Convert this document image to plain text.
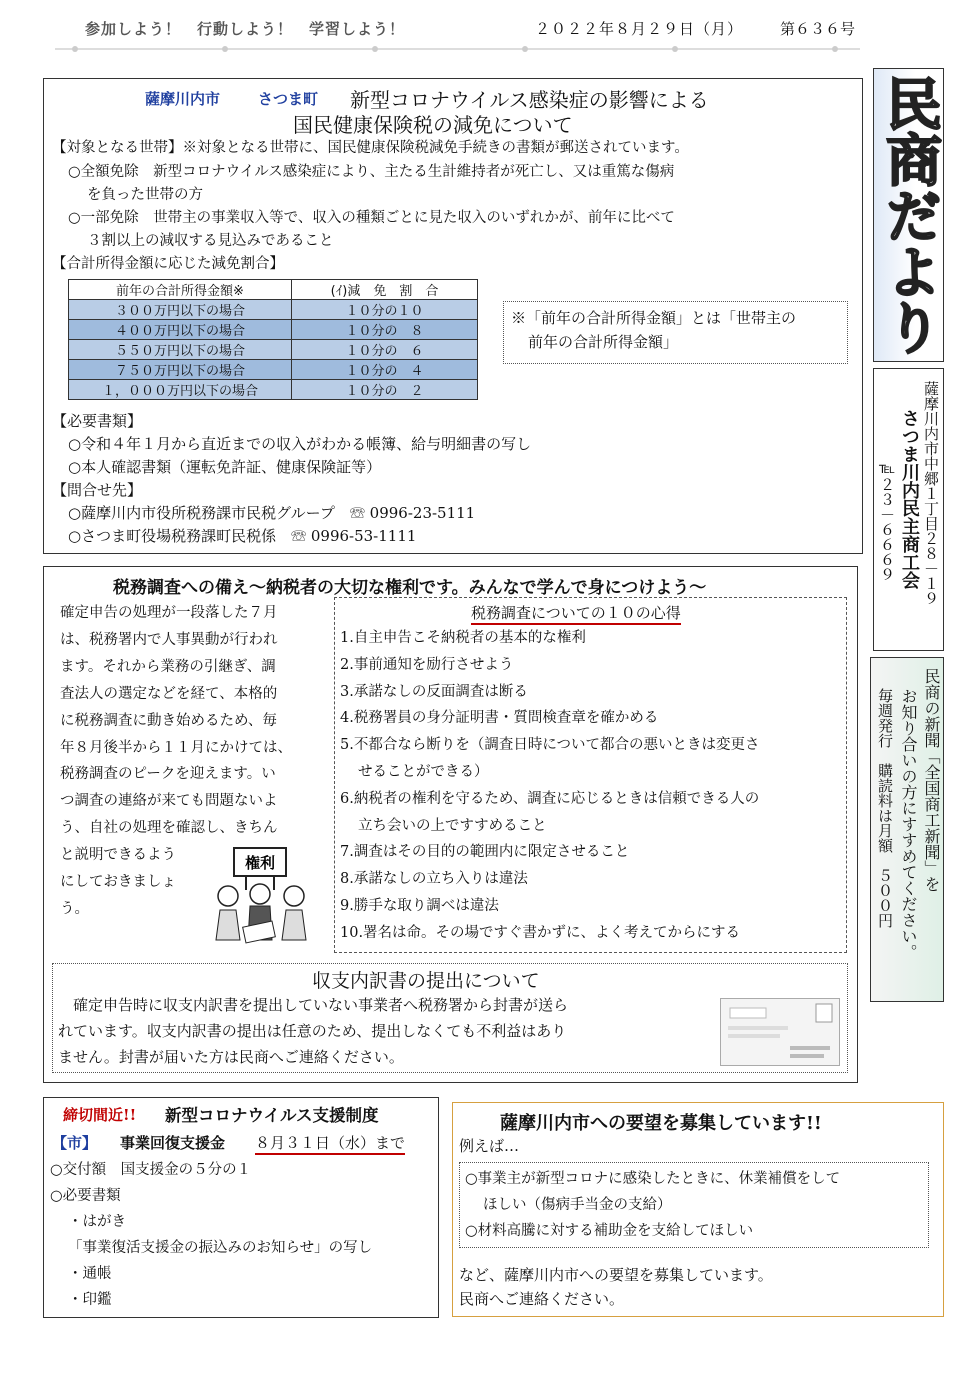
参加しよう！　行動しよう！　学習しよう！	２０２２年８月２９日（月） 第６３６号
民商だより
薩摩川内市中郷１丁目２８－１９
さつま川内民主商工会
℡２３－６６６９
民商の新聞「全国商工新聞」を
お知り合いの方にすすめてください。
毎週発行　購読料は月額　５００円
薩摩川内市	さつま町 新型コロナウイルス感染症の影響による
国民健康保険税の減免について
【対象となる世帯】※対象となる世帯に、国民健康保険税減免手続きの書類が郵送されています。
○全額免除　新型コロナウイルス感染症により、主たる生計維持者が死亡し、又は重篤な傷病
を負った世帯の方
○一部免除　世帯主の事業収入等で、収入の種類ごとに見た収入のいずれかが、前年に比べて
３割以上の減収する見込みであること
【合計所得金額に応じた減免割合】
前年の合計所得金額※	(ｲ)減　免　割　合
３００万円以下の場合	１０分の１０
４００万円以下の場合	１０分の　８
５５０万円以下の場合	１０分の　６
７５０万円以下の場合	１０分の　４
１，０００万円以下の場合	１０分の　２
※「前年の合計所得金額」とは「世帯主の
前年の合計所得金額」
【必要書類】
○令和４年１月から直近までの収入がわかる帳簿、給与明細書の写し
○本人確認書類（運転免許証、健康保険証等）
【問合せ先】
○薩摩川内市役所税務課市民税グループ　☏ 0996-23-5111
○さつま町役場税務課町民税係　☏ 0996-53-1111
税務調査への備え～納税者の大切な権利です。みんなで学んで身につけよう～
確定申告の処理が一段落した７月
は、税務署内で人事異動が行われ
ます。それから業務の引継ぎ、調
査法人の選定などを経て、本格的
に税務調査に動き始めるため、毎
年８月後半から１１月にかけては、
税務調査のピークを迎えます。い
つ調査の連絡が来ても問題ないよ
う、自社の処理を確認し、きちん
と説明できるよう
にしておきましょ
う。
権利
税務調査についての１０の心得
1.自主申告こそ納税者の基本的な権利
2.事前通知を励行させよう
3.承諾なしの反面調査は断る
4.税務署員の身分証明書・質問検査章を確かめる
5.不都合なら断りを（調査日時について都合の悪いときは変更さ
せることができる）
6.納税者の権利を守るため、調査に応じるときは信頼できる人の
立ち会いの上ですすめること
7.調査はその目的の範囲内に限定させること
8.承諾なしの立ち入りは違法
9.勝手な取り調べは違法
10.署名は命。その場ですぐ書かずに、よく考えてからにする
収支内訳書の提出について
　確定申告時に収支内訳書を提出していない事業者へ税務署から封書が送ら
れています。収支内訳書の提出は任意のため、提出しなくても不利益はあり
ません。封書が届いた方は民商へご連絡ください。
締切間近!! 新型コロナウイルス支援制度
【市】 事業回復支援金 ８月３１日（水）まで
○交付額　国支援金の５分の１
○必要書類
・はがき
「事業復活支援金の振込みのお知らせ」の写し
・通帳
・印鑑
薩摩川内市への要望を募集しています!!
例えば…
○事業主が新型コロナに感染したときに、休業補償をして
ほしい（傷病手当金の支給）
○材料高騰に対する補助金を支給してほしい
など、薩摩川内市への要望を募集しています。
民商へご連絡ください。
